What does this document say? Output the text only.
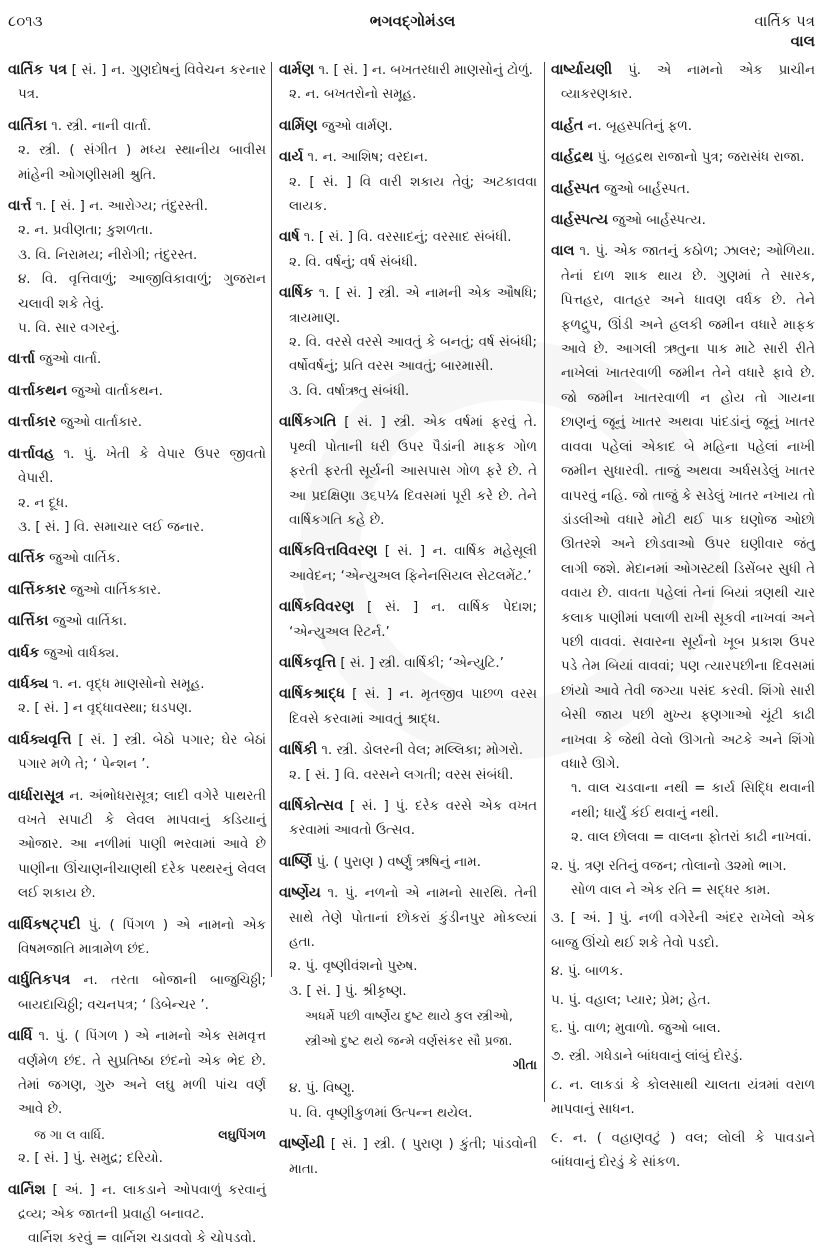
૮૦૧૩	ભગવદ્ગોમંડલ	વાર્તિક પત્ર
વાલ

વાર્તિક પત્ર [ સં. ] ન. ગુણદોષનું વિવેચન કરનાર પત્ર.

વાર્તિકા ૧. સ્ત્રી. નાની વાર્તા.

૨. સ્ત્રી. ( સંગીત ) મધ્ય સ્થાનીય બાવીસ માંહેની ઓગણીસમી શ્રુતિ.

વાર્ત્ત ૧. [ સં. ] ન. આરોગ્ય; તંદુરસ્તી.

૨. ન. પ્રવીણતા; કુશળતા.

૩. વિ. નિરામય; નીરોગી; તંદુરસ્ત.

૪. વિ. વૃત્તિવાળું; આજીવિકાવાળું; ગુજરાન ચલાવી શકે તેવું.

૫. વિ. સાર વગરનું.

વાર્ત્તા જુઓ વાર્તા.

વાર્ત્તાકથન જુઓ વાર્તાકથન.

વાર્ત્તાકાર જુઓ વાર્તાકાર.

વાર્ત્તાવહ ૧. પું. ખેતી કે વેપાર ઉપર જીવતો વેપારી.

૨. ન દૂધ.

૩. [ સં. ] વિ. સમાચાર લઈ જનાર.

વાર્ત્તિક જુઓ વાર્તિક.

વાર્ત્તિકકાર જુઓ વાર્તિકકાર.

વાર્ત્તિકા જુઓ વાર્તિકા.

વાર્ધક જુઓ વાર્ધક્ય.

વાર્ધક્ય ૧. ન. વૃદ્ધ માણસોનો સમૂહ.

૨. [ સં. ] ન વૃદ્ધાવસ્થા; ઘડપણ.

વાર્ધક્યવૃત્તિ [ સં. ] સ્ત્રી. બેઠો પગાર; ઘેર બેઠાં પગાર મળે તે; ‘ પેન્શન ’.

વાર્ધારાસૂત્ર ન. અંભોધરાસૂત્ર; લાદી વગેરે પાથરતી વખતે સપાટી કે લેવલ માપવાનું કડિયાનું ઓજાર. આ નળીમાં પાણી ભરવામાં આવે છે પાણીના ઊંચાણનીચાણથી દરેક પથ્થરનું લેવલ લઈ શકાય છે.

વાર્ધિકષટ્પદી પું. ( પિંગળ ) એ નામનો એક વિષમજાતિ માત્રામેળ છંદ.

વાર્ધુતિકપત્ર ન. તરતા બોજાની બાજુચિઠ્ઠી; બાયદાચિઠ્ઠી; વચનપત્ર; ‘ ડિબેન્ચર ’.

વાર્ધિ ૧. પું. ( પિંગળ ) એ નામનો એક સમવૃત્ત વર્ણમેળ છંદ. તે સુપ્રતિષ્ઠા છંદનો એક ભેદ છે. તેમાં જગણ, ગુરુ અને લઘુ મળી પાંચ વર્ણ આવે છે.

લઘુપિંગળ
જ ગા લ વાર્ધિ.

૨. [ સં. ] પું. સમુદ્ર; દરિયો.

વાર્નિશ [ અં. ] ન. લાકડાને ઓપવાળું કરવાનું દ્રવ્ય; એક જાતની પ્રવાહી બનાવટ.

વાર્નિશ કરવું = વાર્નિશ ચડાવવો કે ચોપડવો.

વાર્મણ ૧. [ સં. ] ન. બખતરધારી માણસોનું ટોળું.

૨. ન. બખતરોનો સમૂહ.

વાર્મિણ જુઓ વાર્મણ.

વાર્ય ૧. ન. આશિષ; વરદાન.

૨. [ સં. ] વિ વારી શકાય તેવું; અટકાવવા લાયક.

વાર્ષ ૧. [ સં. ] વિ. વરસાદનું; વરસાદ સંબંધી.

૨. વિ. વર્ષનું; વર્ષ સંબંધી.

વાર્ષિક ૧. [ સં. ] સ્ત્રી. એ નામની એક ઔષધિ; ત્રાયમાણ.

૨. વિ. વરસે વરસે આવતું કે બનતું; વર્ષ સંબંધી; વર્ષોવર્ષનું; પ્રતિ વરસ આવતું; બારમાસી.

૩. વિ. વર્ષાઋતુ સંબંધી.

વાર્ષિકગતિ [ સં. ] સ્ત્રી. એક વર્ષમાં ફરવું તે. પૃથ્વી પોતાની ધરી ઉપર પૈડાંની માફક ગોળ ફરતી ફરતી સૂર્યની આસપાસ ગોળ ફરે છે. તે આ પ્રદક્ષિણા ૩૬૫¼ દિવસમાં પૂરી કરે છે. તેને વાર્ષિકગતિ કહે છે.

વાર્ષિકવિત્તવિવરણ [ સં. ] ન. વાર્ષિક મહેસૂલી આવેદન; ‘એન્યુઅલ ફિનેનસિયલ સેટલમેંટ.’

વાર્ષિકવિવરણ [ સં. ] ન. વાર્ષિક પેદાશ; ‘એન્યુઅલ રિટર્ન.’

વાર્ષિકવૃત્તિ [ સં. ] સ્ત્રી. વાર્ષિકી; ‘એન્યુટિ.’

વાર્ષિકશ્રાદ્ધ [ સં. ] ન. મૃતજીવ પાછળ વરસ દિવસે કરવામાં આવતું શ્રાદ્ધ.

વાર્ષિકી ૧. સ્ત્રી. ડોલરની વેલ; મલ્લિકા; મોગરો.

૨. [ સં. ] વિ. વરસને લગતી; વરસ સંબંધી.

વાર્ષિકોત્સવ [ સં. ] પું. દરેક વરસે એક વખત કરવામાં આવતો ઉત્સવ.

વાર્ષ્ણિ પું. ( પુરાણ ) વર્ષ્ણુ ઋષિનું નામ.

વાર્ષ્ણેય ૧. પું. નળનો એ નામનો સારથિ. તેની સાથે તેણે પોતાનાં છોકરાં કુંડીનપુર મોકલ્યાં હતા.

૨. પું. વૃષ્ણીવંશનો પુરુષ.

૩. [ સં. ] પું. શ્રીકૃષ્ણ.

અધર્મે પછી વાર્ષ્ણેય દુષ્ટ થાયે કુલ સ્ત્રીઓ,

સ્ત્રીઓ દુષ્ટ થયે જન્મે વર્ણસંકર સૌ પ્રજા.

ગીતા

૪. પું. વિષ્ણુ.

૫. વિ. વૃષ્ણીકુળમાં ઉત્પન્ન થયેલ.

વાર્ષ્ણેયી [ સં. ] સ્ત્રી. ( પુરાણ ) કુંતી; પાંડવોની માતા.

વાર્ષ્યાયણી પું. એ નામનો એક પ્રાચીન વ્યાકરણકાર.

વાર્હત ન. બૃહસ્પતિનું ફળ.

વાર્હદ્રથ પું. બૃહદ્રથ રાજાનો પુત્ર; જરાસંધ રાજા.

વાર્હસ્પત જુઓ બાર્હસ્પત.

વાર્હસ્પત્ય જુઓ બાર્હસ્પત્ય.

વાલ ૧. પું. એક જાતનું કઠોળ; ઝાલર; ઓળિયા. તેનાં દાળ શાક થાય છે. ગુણમાં તે સારક, પિત્તહર, વાતહર અને ધાવણ વર્ધક છે. તેને ફળદ્રુપ, ઊંડી અને હલકી જમીન વધારે માફક આવે છે. આગલી ઋતુના પાક માટે સારી રીતે નાખેલાં ખાતરવાળી જમીન તેને વધારે ફાવે છે. જો જમીન ખાતરવાળી ન હોય તો ગાયના છાણનું જૂનું ખાતર અથવા પાંદડાંનું જૂનું ખાતર વાવવા પહેલાં એકાદ બે મહિના પહેલાં નાખી જમીન સુધારવી. તાજું અથવા અર્ધસડેલું ખાતર વાપરવું નહિ. જો તાજું કે સડેલું ખાતર નખાય તો ડાંડલીઓ વધારે મોટી થઈ પાક ઘણોજ ઓછો ઊતરશે અને છોડવાઓ ઉપર ઘણીવાર જંતુ લાગી જશે. મેદાનમાં ઓગસ્ટથી ડિસેંબર સુધી તે વવાય છે. વાવતા પહેલાં તેનાં બિયાં ત્રણથી ચાર કલાક પાણીમાં પલાળી રાખી સૂકવી નાખવાં અને પછી વાવવાં. સવારના સૂર્યનો ખૂબ પ્રકાશ ઉપર પડે તેમ બિયાં વાવવાં; પણ ત્યારપછીના દિવસમાં છાંયો આવે તેવી જગ્યા પસંદ કરવી. શિંગો સારી બેસી જાય પછી મુખ્ય ફણગાઓ ચૂંટી કાઢી નાખવા કે જેથી વેલો ઊગતો અટકે અને શિંગો વધારે ઊગે.

૧. વાલ ચડવાના નથી = કાર્ય સિદ્ધિ થવાની નથી; ધાર્યું કંઈ થવાનું નથી.

૨. વાલ છોલવા = વાલના ફોતરાં કાઢી નાખવાં.

૨. પું. ત્રણ રતિનું વજન; તોલાનો ૩૨મો ભાગ.

સોળ વાલ ને એક રતિ = સદ્ધર કામ.

૩. [ અં. ] પું. નળી વગેરેની અંદર રાખેલો એક બાજુ ઊંચો થઈ શકે તેવો પડદો.

૪. પું. બાળક.

૫. પું. વહાલ; પ્યાર; પ્રેમ; હેત.

૬. પું. વાળ; મુવાળો. જુઓ બાલ.

૭. સ્ત્રી. ગધેડાને બાંધવાનું લાંબું દોરડું.

૮. ન. લાકડાં કે કોલસાથી ચાલતા યંત્રમાં વરાળ માપવાનું સાધન.

૯. ન. ( વહાણવટું ) વલ; લોલી કે પાવડાને બાંધવાનું દોરડું કે સાંકળ.
